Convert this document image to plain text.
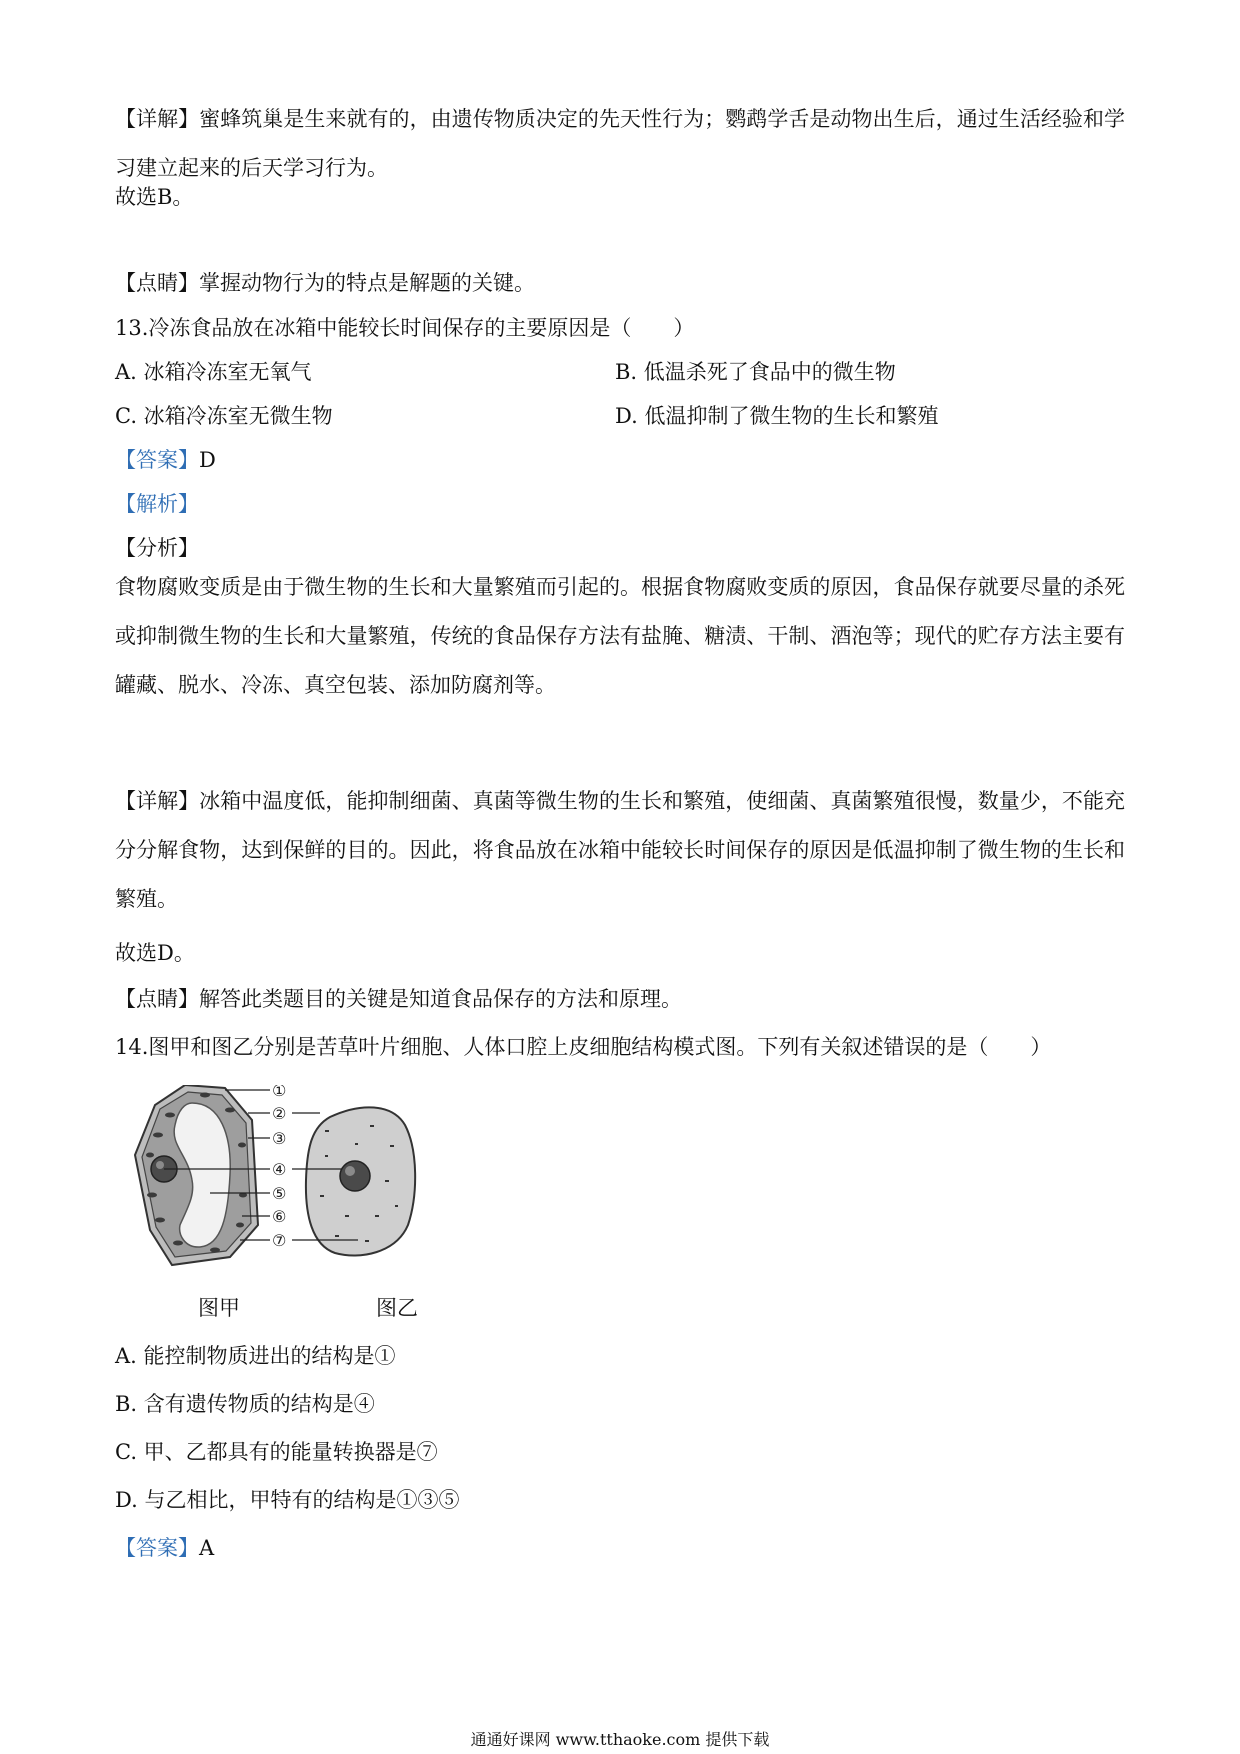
【详解】蜜蜂筑巢是生来就有的，由遗传物质决定的先天性行为；鹦鹉学舌是动物出生后，通过生活经验和学习建立起来的后天学习行为。

故选B。
【点睛】掌握动物行为的特点是解题的关键。
13.冷冻食品放在冰箱中能较长时间保存的主要原因是（　　）
A. 冰箱冷冻室无氧气	B. 低温杀死了食品中的微生物
C. 冰箱冷冻室无微生物	D. 低温抑制了微生物的生长和繁殖
【答案】D
【解析】
【分析】

食物腐败变质是由于微生物的生长和大量繁殖而引起的。根据食物腐败变质的原因，食品保存就要尽量的杀死或抑制微生物的生长和大量繁殖，传统的食品保存方法有盐腌、糖渍、干制、酒泡等；现代的贮存方法主要有罐藏、脱水、冷冻、真空包装、添加防腐剂等。

【详解】冰箱中温度低，能抑制细菌、真菌等微生物的生长和繁殖，使细菌、真菌繁殖很慢，数量少，不能充分分解食物，达到保鲜的目的。因此，将食品放在冰箱中能较长时间保存的原因是低温抑制了微生物的生长和繁殖。

故选D。
【点睛】解答此类题目的关键是知道食品保存的方法和原理。
14.图甲和图乙分别是苦草叶片细胞、人体口腔上皮细胞结构模式图。下列有关叙述错误的是（　　）
①
②
③
④
⑤
⑥
⑦
图甲	图乙
A. 能控制物质进出的结构是①
B. 含有遗传物质的结构是④
C. 甲、乙都具有的能量转换器是⑦
D. 与乙相比，甲特有的结构是①③⑤
【答案】A
通通好课网 www.tthaoke.com 提供下载
